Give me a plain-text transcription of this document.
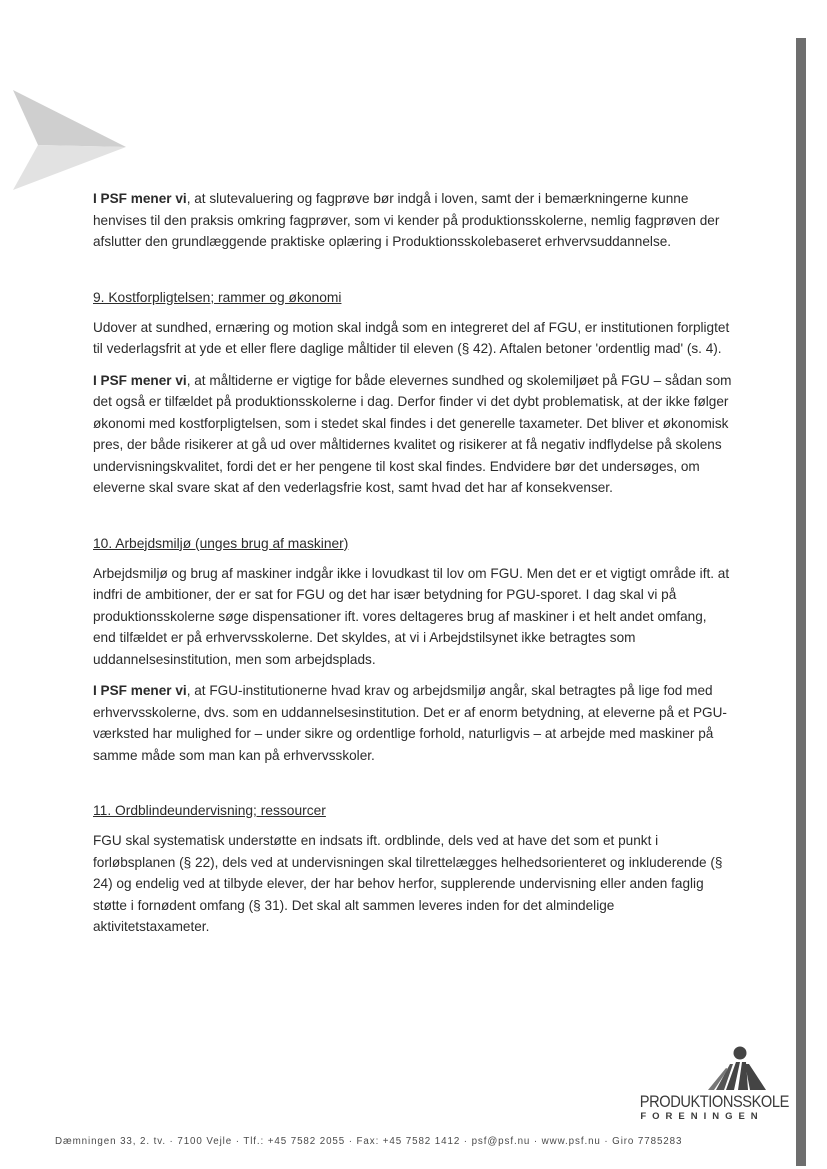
I PSF mener vi, at slutevaluering og fagprøve bør indgå i loven, samt der i bemærkningerne kunne henvises til den praksis omkring fagprøver, som vi kender på produktionsskolerne, nemlig fagprøven der afslutter den grundlæggende praktiske oplæring i Produktionsskolebaseret erhvervsuddannelse.

9. Kostforpligtelsen; rammer og økonomi

Udover at sundhed, ernæring og motion skal indgå som en integreret del af FGU, er institutionen forpligtet til vederlagsfrit at yde et eller flere daglige måltider til eleven (§ 42). Aftalen betoner 'ordentlig mad' (s. 4).

I PSF mener vi, at måltiderne er vigtige for både elevernes sundhed og skolemiljøet på FGU – sådan som det også er tilfældet på produktionsskolerne i dag. Derfor finder vi det dybt problematisk, at der ikke følger økonomi med kostforpligtelsen, som i stedet skal findes i det generelle taxameter. Det bliver et økonomisk pres, der både risikerer at gå ud over måltidernes kvalitet og risikerer at få negativ indflydelse på skolens undervisningskvalitet, fordi det er her pengene til kost skal findes. Endvidere bør det undersøges, om eleverne skal svare skat af den vederlagsfrie kost, samt hvad det har af konsekvenser.

10. Arbejdsmiljø (unges brug af maskiner)

Arbejdsmiljø og brug af maskiner indgår ikke i lovudkast til lov om FGU. Men det er et vigtigt område ift. at indfri de ambitioner, der er sat for FGU og det har især betydning for PGU-sporet. I dag skal vi på produktionsskolerne søge dispensationer ift. vores deltageres brug af maskiner i et helt andet omfang, end tilfældet er på erhvervsskolerne. Det skyldes, at vi i Arbejdstilsynet ikke betragtes som uddannelsesinstitution, men som arbejdsplads.

I PSF mener vi, at FGU-institutionerne hvad krav og arbejdsmiljø angår, skal betragtes på lige fod med erhvervsskolerne, dvs. som en uddannelsesinstitution. Det er af enorm betydning, at eleverne på et PGU-værksted har mulighed for – under sikre og ordentlige forhold, naturligvis – at arbejde med maskiner på samme måde som man kan på erhvervsskoler.

11. Ordblindeundervisning; ressourcer

FGU skal systematisk understøtte en indsats ift. ordblinde, dels ved at have det som et punkt i forløbsplanen (§ 22), dels ved at undervisningen skal tilrettelægges helhedsorienteret og inkluderende (§ 24) og endelig ved at tilbyde elever, der har behov herfor, supplerende undervisning eller anden faglig støtte i fornødent omfang (§ 31). Det skal alt sammen leveres inden for det almindelige aktivitetstaxameter.

PRODUKTIONSSKOLE
FORENINGEN
Dæmningen 33, 2. tv. · 7100 Vejle · Tlf.: +45 7582 2055 · Fax: +45 7582 1412 · psf@psf.nu · www.psf.nu · Giro 7785283
